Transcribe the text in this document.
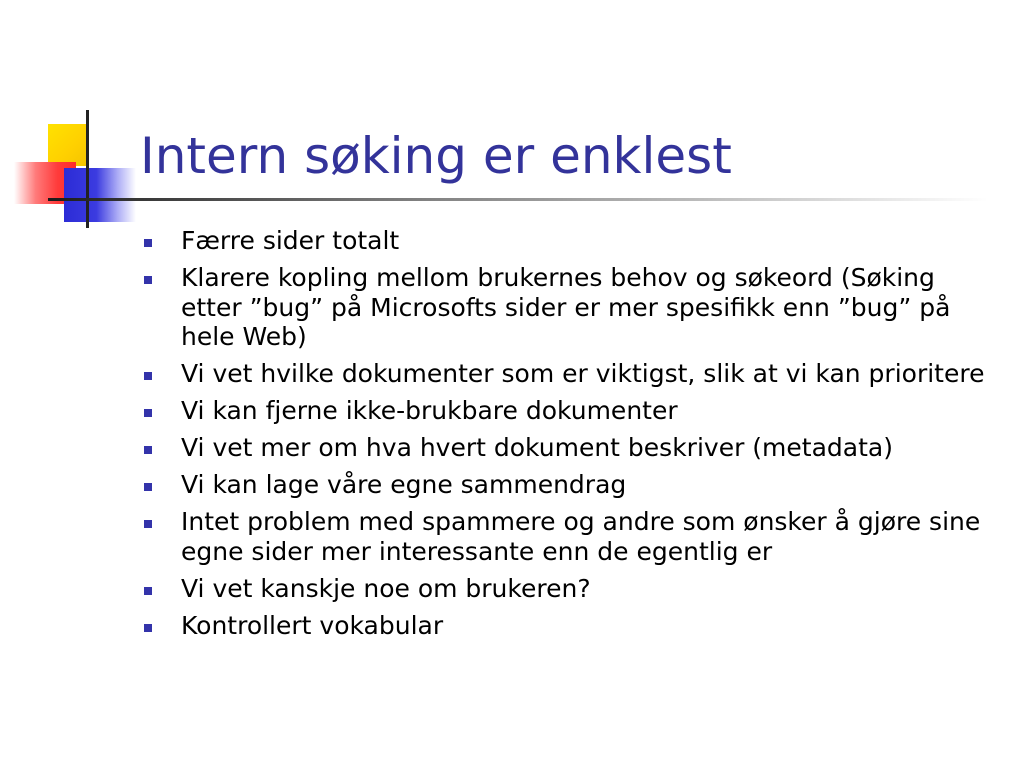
Intern søking er enklest
Færre sider totalt
Klarere kopling mellom brukernes behov og søkeord (Søking etter ”bug” på Microsofts sider er mer spesifikk enn ”bug” på hele Web)
Vi vet hvilke dokumenter som er viktigst, slik at vi kan prioritere
Vi kan fjerne ikke-brukbare dokumenter
Vi vet mer om hva hvert dokument beskriver (metadata)
Vi kan lage våre egne sammendrag
Intet problem med spammere og andre som ønsker å gjøre sine egne sider mer interessante enn de egentlig er
Vi vet kanskje noe om brukeren?
Kontrollert vokabular
